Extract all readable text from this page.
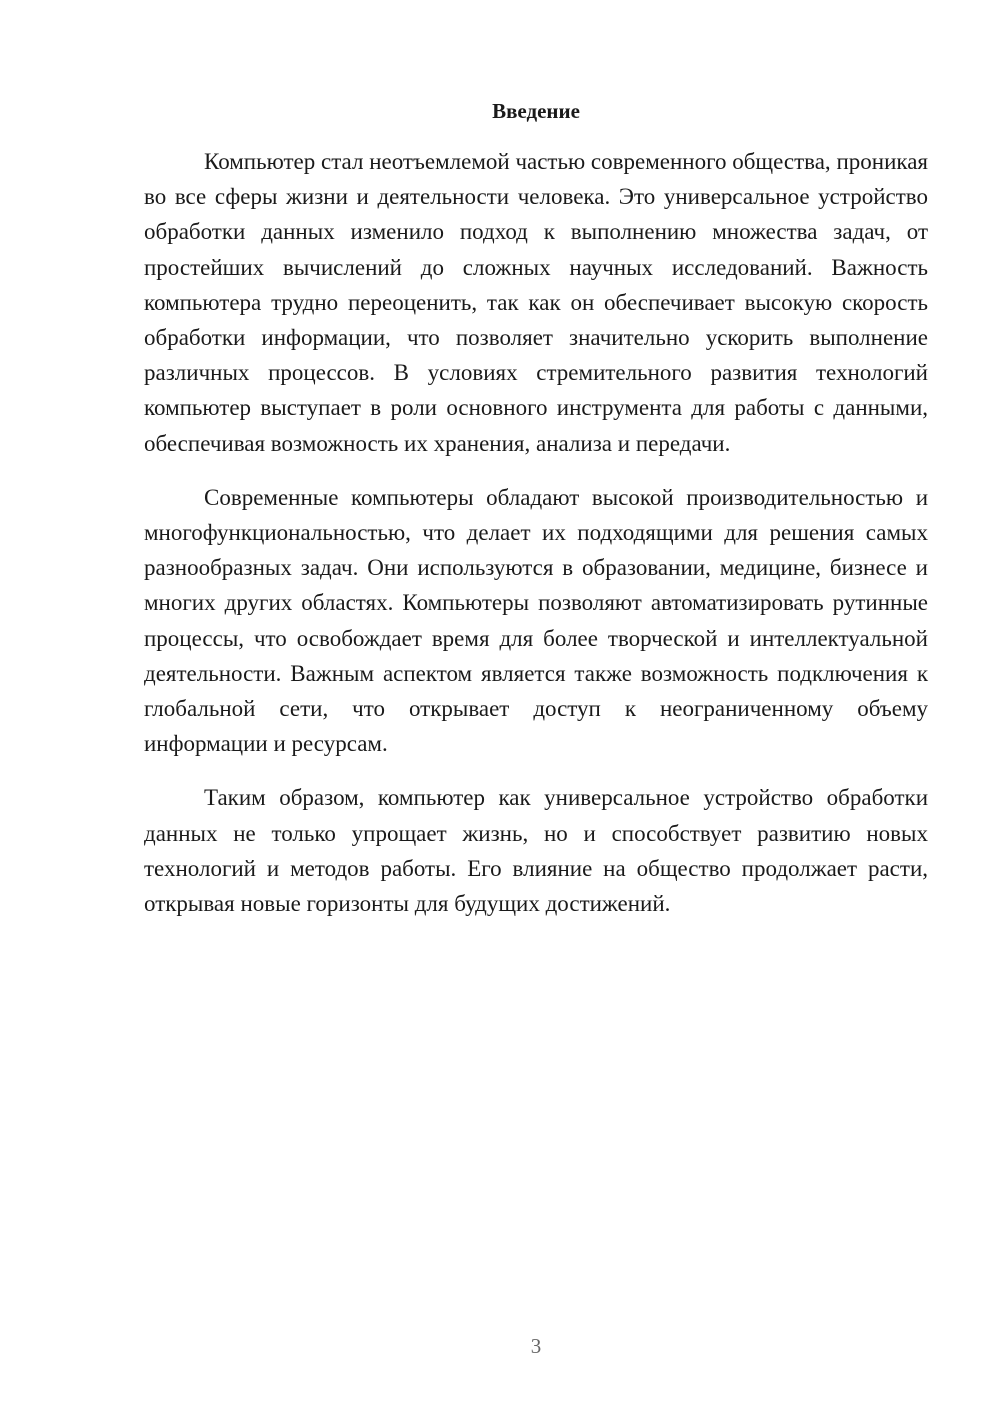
Введение

Компьютер стал неотъемлемой частью современного общества, проникая во все сферы жизни и деятельности человека. Это универсальное устройство обработки данных изменило подход к выполнению множества задач, от простейших вычислений до сложных научных исследований. Важность компьютера трудно переоценить, так как он обеспечивает высокую скорость обработки информации, что позволяет значительно ускорить выполнение различных процессов. В условиях стремительного развития технологий компьютер выступает в роли основного инструмента для работы с данными, обеспечивая возможность их хранения, анализа и передачи.

Современные компьютеры обладают высокой производительностью и многофункциональностью, что делает их подходящими для решения самых разнообразных задач. Они используются в образовании, медицине, бизнесе и многих других областях. Компьютеры позволяют автоматизировать рутинные процессы, что освобождает время для более творческой и интеллектуальной деятельности. Важным аспектом является также возможность подключения к глобальной сети, что открывает доступ к неограниченному объему информации и ресурсам.

Таким образом, компьютер как универсальное устройство обработки данных не только упрощает жизнь, но и способствует развитию новых технологий и методов работы. Его влияние на общество продолжает расти, открывая новые горизонты для будущих достижений.

3
